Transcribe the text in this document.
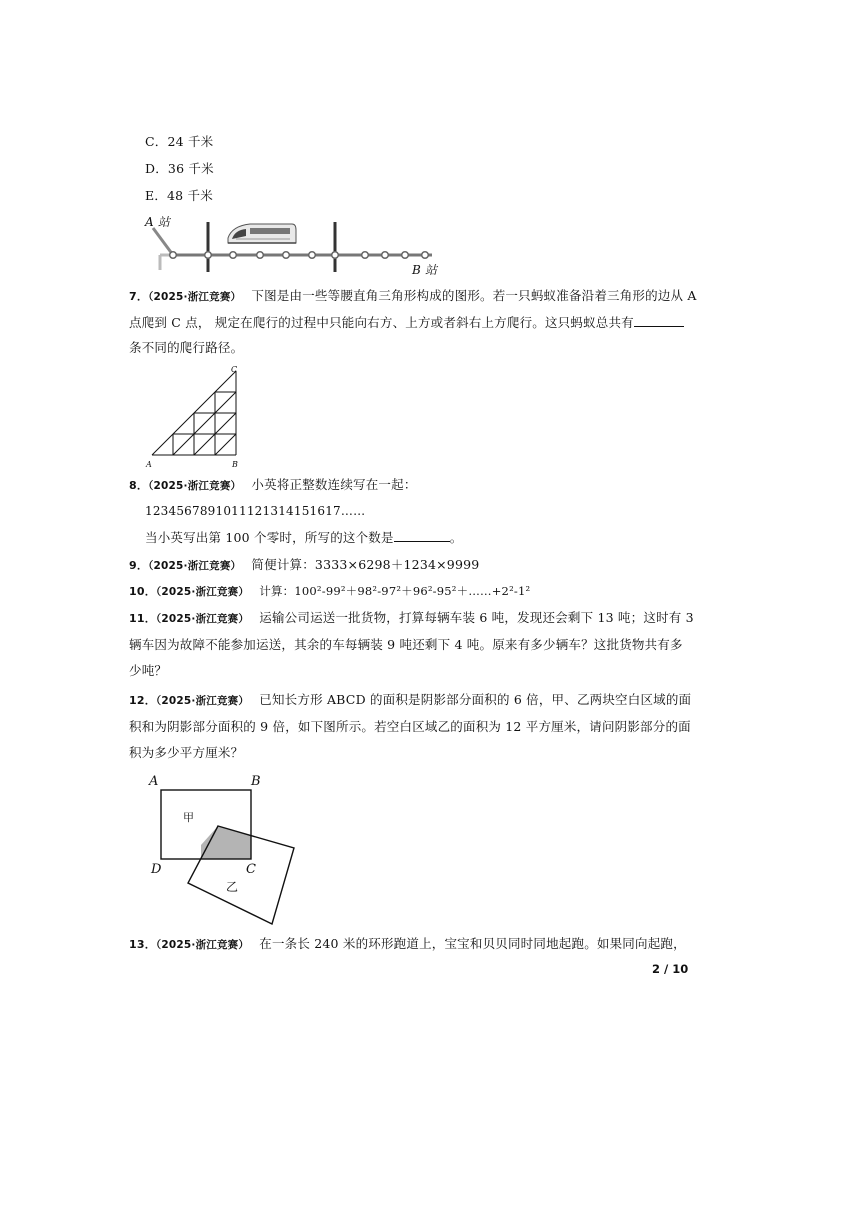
C．24 千米
D．36 千米
E．48 千米
A 站
B 站
7．（2025·浙江竞赛） 下图是由一些等腰直角三角形构成的图形。若一只蚂蚁准备沿着三角形的边从 A
点爬到 C 点， 规定在爬行的过程中只能向右方、上方或者斜右上方爬行。这只蚂蚁总共有
条不同的爬行路径。
A	B
C
8．（2025·浙江竞赛） 小英将正整数连续写在一起：
1234567891011121314151617……
当小英写出第 100 个零时，所写的这个数是	。
9．（2025·浙江竞赛） 简便计算：3333×6298＋1234×9999
10．（2025·浙江竞赛） 计算：100²-99²＋98²-97²＋96²-95²＋……+2²-1²
11．（2025·浙江竞赛） 运输公司运送一批货物，打算每辆车装 6 吨，发现还会剩下 13 吨；这时有 3
辆车因为故障不能参加运送，其余的车每辆装 9 吨还剩下 4 吨。原来有多少辆车？这批货物共有多
少吨？
12．（2025·浙江竞赛） 已知长方形 ABCD 的面积是阴影部分面积的 6 倍，甲、乙两块空白区域的面
积和为阴影部分面积的 9 倍，如下图所示。若空白区域乙的面积为 12 平方厘米，请问阴影部分的面
积为多少平方厘米？
A	B
C
D
甲
乙
13．（2025·浙江竞赛） 在一条长 240 米的环形跑道上，宝宝和贝贝同时同地起跑。如果同向起跑，
2 / 10
